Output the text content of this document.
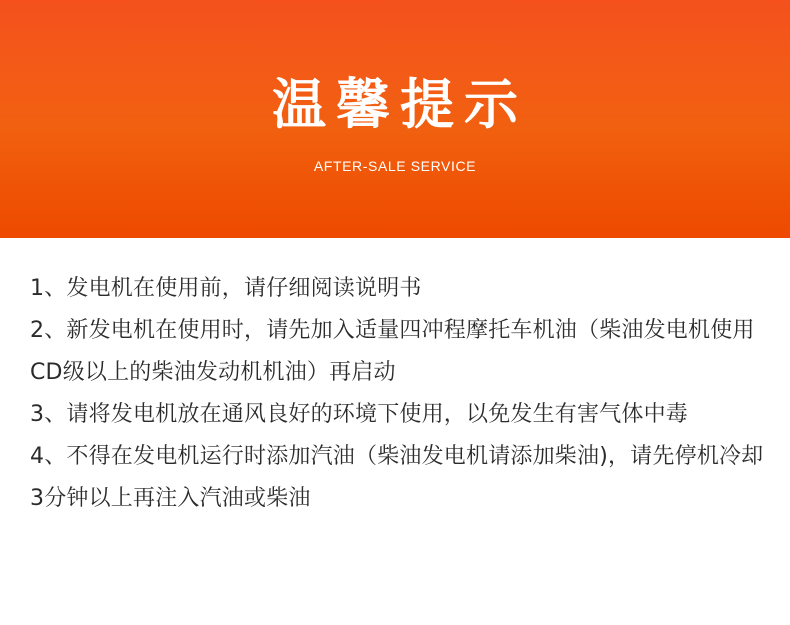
温馨提示
AFTER-SALE SERVICE
1、发电机在使用前，请仔细阅读说明书
2、新发电机在使用时，请先加入适量四冲程摩托车机油（柴油发电机使用CD级以上的柴油发动机机油）再启动
3、请将发电机放在通风良好的环境下使用，以免发生有害气体中毒
4、不得在发电机运行时添加汽油（柴油发电机请添加柴油)，请先停机冷却3分钟以上再注入汽油或柴油
